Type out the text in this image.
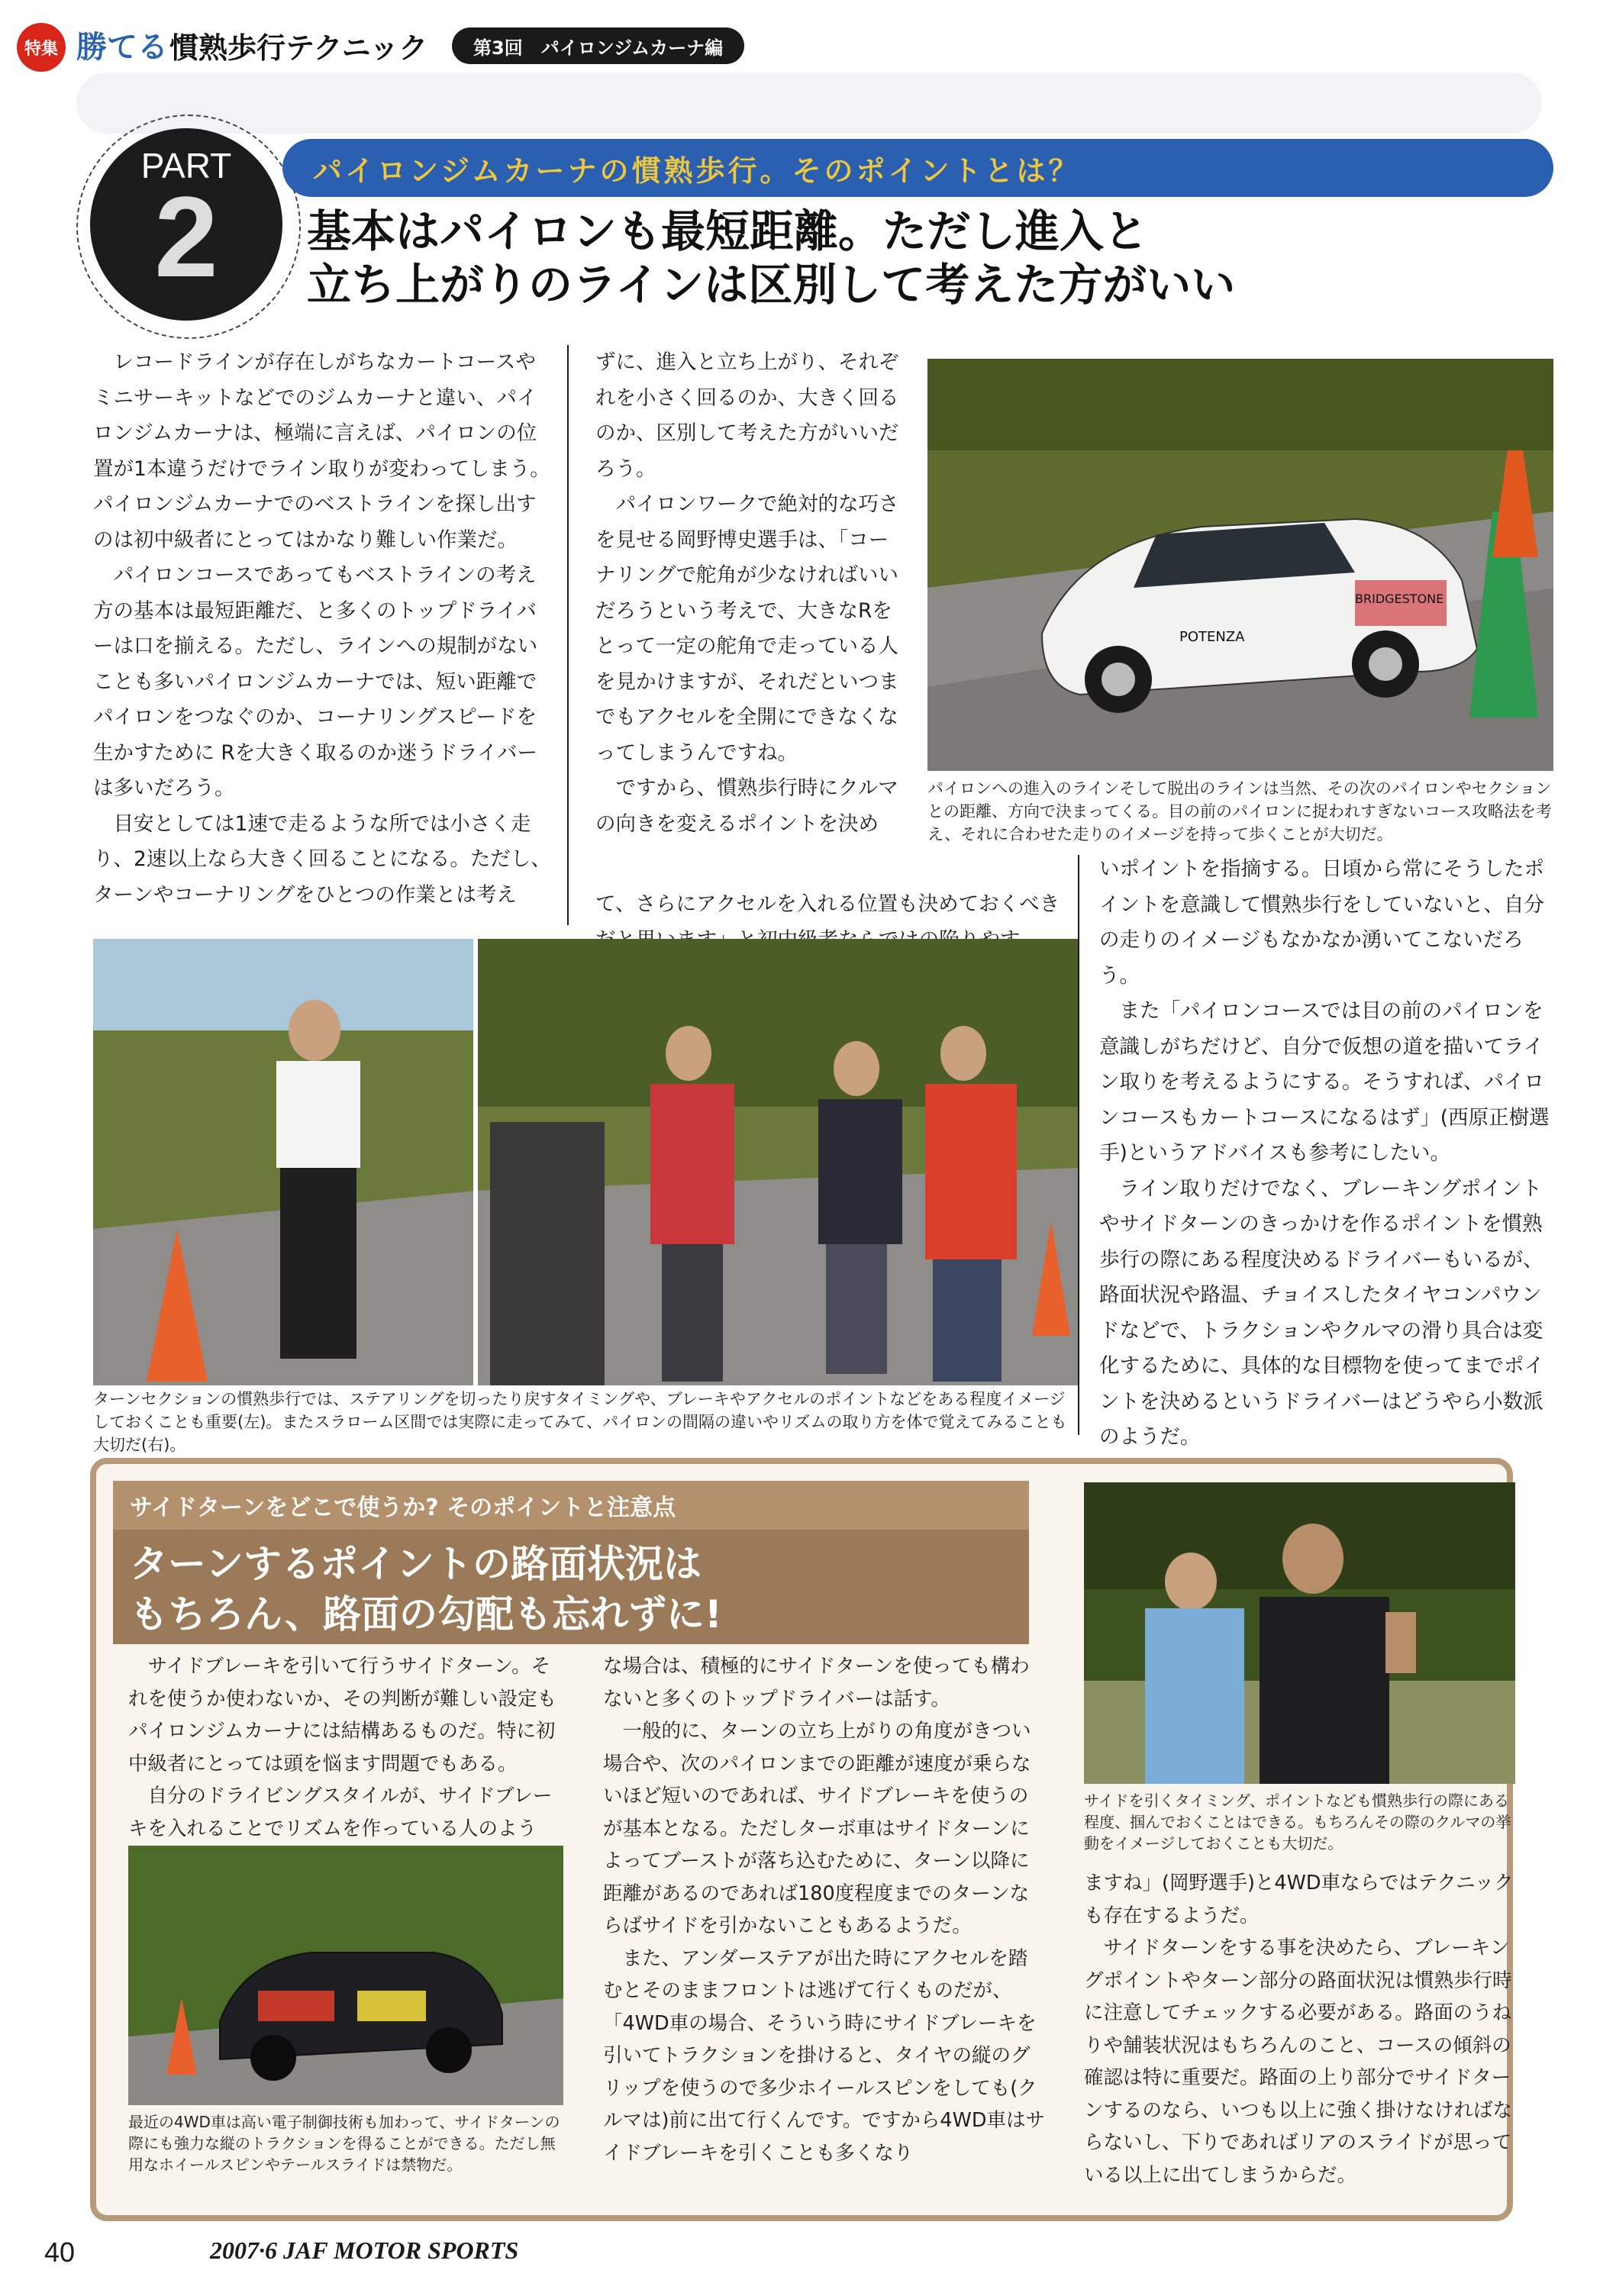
特集 勝てる 慣熟歩行テクニック	第3回　パイロンジムカーナ編
PART
2
パイロンジムカーナの慣熟歩行。そのポイントとは？
基本はパイロンも最短距離。ただし進入と
立ち上がりのラインは区別して考えた方がいい

レコードラインが存在しがちなカートコースやミニサーキットなどでのジムカーナと違い、パイロンジムカーナは、極端に言えば、パイロンの位置が1本違うだけでライン取りが変わってしまう。パイロンジムカーナでのベストラインを探し出すのは初中級者にとってはかなり難しい作業だ。

パイロンコースであってもベストラインの考え方の基本は最短距離だ、と多くのトップドライバーは口を揃える。ただし、ラインへの規制がないことも多いパイロンジムカーナでは、短い距離でパイロンをつなぐのか、コーナリングスピードを生かすために Rを大きく取るのか迷うドライバーは多いだろう。

目安としては1速で走るような所では小さく走り、2速以上なら大きく回ることになる。ただし、ターンやコーナリングをひとつの作業とは考え

ずに、進入と立ち上がり、それぞれを小さく回るのか、大きく回るのか、区別して考えた方がいいだろう。

パイロンワークで絶対的な巧さを見せる岡野博史選手は、「コーナリングで舵角が少なければいいだろうという考えで、大きなRをとって一定の舵角で走っている人を見かけますが、それだといつまでもアクセルを全開にできなくなってしまうんですね。

ですから、慣熟歩行時にクルマの向きを変えるポイントを決め

て、さらにアクセルを入れる位置も決めておくべき

POTENZA
BRIDGESTONE
パイロンへの進入のラインそして脱出のラインは当然、その次のパイロンやセクションとの距離、方向で決まってくる。目の前のパイロンに捉われすぎないコース攻略法を考え、それに合わせた走りのイメージを持って歩くことが大切だ。
ターンセクションの慣熟歩行では、ステアリングを切ったり戻すタイミングや、ブレーキやアクセルのポイントなどをある程度イメージしておくことも重要(左)。またスラローム区間では実際に走ってみて、パイロンの間隔の違いやリズムの取り方を体で覚えてみることも大切だ(右)。

いポイントを指摘する。日頃から常にそうしたポイントを意識して慣熟歩行をしていないと、自分の走りのイメージもなかなか湧いてこないだろう。

また「パイロンコースでは目の前のパイロンを意識しがちだけど、自分で仮想の道を描いてライン取りを考えるようにする。そうすれば、パイロンコースもカートコースになるはず」(西原正樹選手)というアドバイスも参考にしたい。

ライン取りだけでなく、ブレーキングポイントやサイドターンのきっかけを作るポイントを慣熟歩行の際にある程度決めるドライバーもいるが、路面状況や路温、チョイスしたタイヤコンパウンドなどで、トラクションやクルマの滑り具合は変化するために、具体的な目標物を使ってまでポイントを決めるというドライバーはどうやら小数派のようだ。

サイドターンをどこで使うか? そのポイントと注意点
ターンするポイントの路面状況は
もちろん、路面の勾配も忘れずに!

サイドブレーキを引いて行うサイドターン。それを使うか使わないか、その判断が難しい設定もパイロンジムカーナには結構あるものだ。特に初中級者にとっては頭を悩ます問題でもある。

自分のドライビングスタイルが、サイドブレーキを入れることでリズムを作っている人のよう

最近の4WD車は高い電子制御技術も加わって、サイドターンの際にも強力な縦のトラクションを得ることができる。ただし無用なホイールスピンやテールスライドは禁物だ。

な場合は、積極的にサイドターンを使っても構わないと多くのトップドライバーは話す。

一般的に、ターンの立ち上がりの角度がきつい場合や、次のパイロンまでの距離が速度が乗らないほど短いのであれば、サイドブレーキを使うのが基本となる。ただしターボ車はサイドターンによってブーストが落ち込むために、ターン以降に距離があるのであれば180度程度までのターンならばサイドを引かないこともあるようだ。

また、アンダーステアが出た時にアクセルを踏むとそのままフロントは逃げて行くものだが、「4WD車の場合、そういう時にサイドブレーキを引いてトラクションを掛けると、タイヤの縦のグリップを使うので多少ホイールスピンをしても(クルマは)前に出て行くんです。ですから4WD車はサイドブレーキを引くことも多くなり

サイドを引くタイミング、ポイントなども慣熟歩行の際にある程度、掴んでおくことはできる。もちろんその際のクルマの挙動をイメージしておくことも大切だ。

ますね」(岡野選手)と4WD車ならではテクニックも存在するようだ。

サイドターンをする事を決めたら、ブレーキングポイントやターン部分の路面状況は慣熟歩行時に注意してチェックする必要がある。路面のうねりや舗装状況はもちろんのこと、コースの傾斜の確認は特に重要だ。路面の上り部分でサイドターンするのなら、いつも以上に強く掛けなければならないし、下りであればリアのスライドが思っている以上に出てしまうからだ。

40	2007·6 JAF MOTOR SPORTS
